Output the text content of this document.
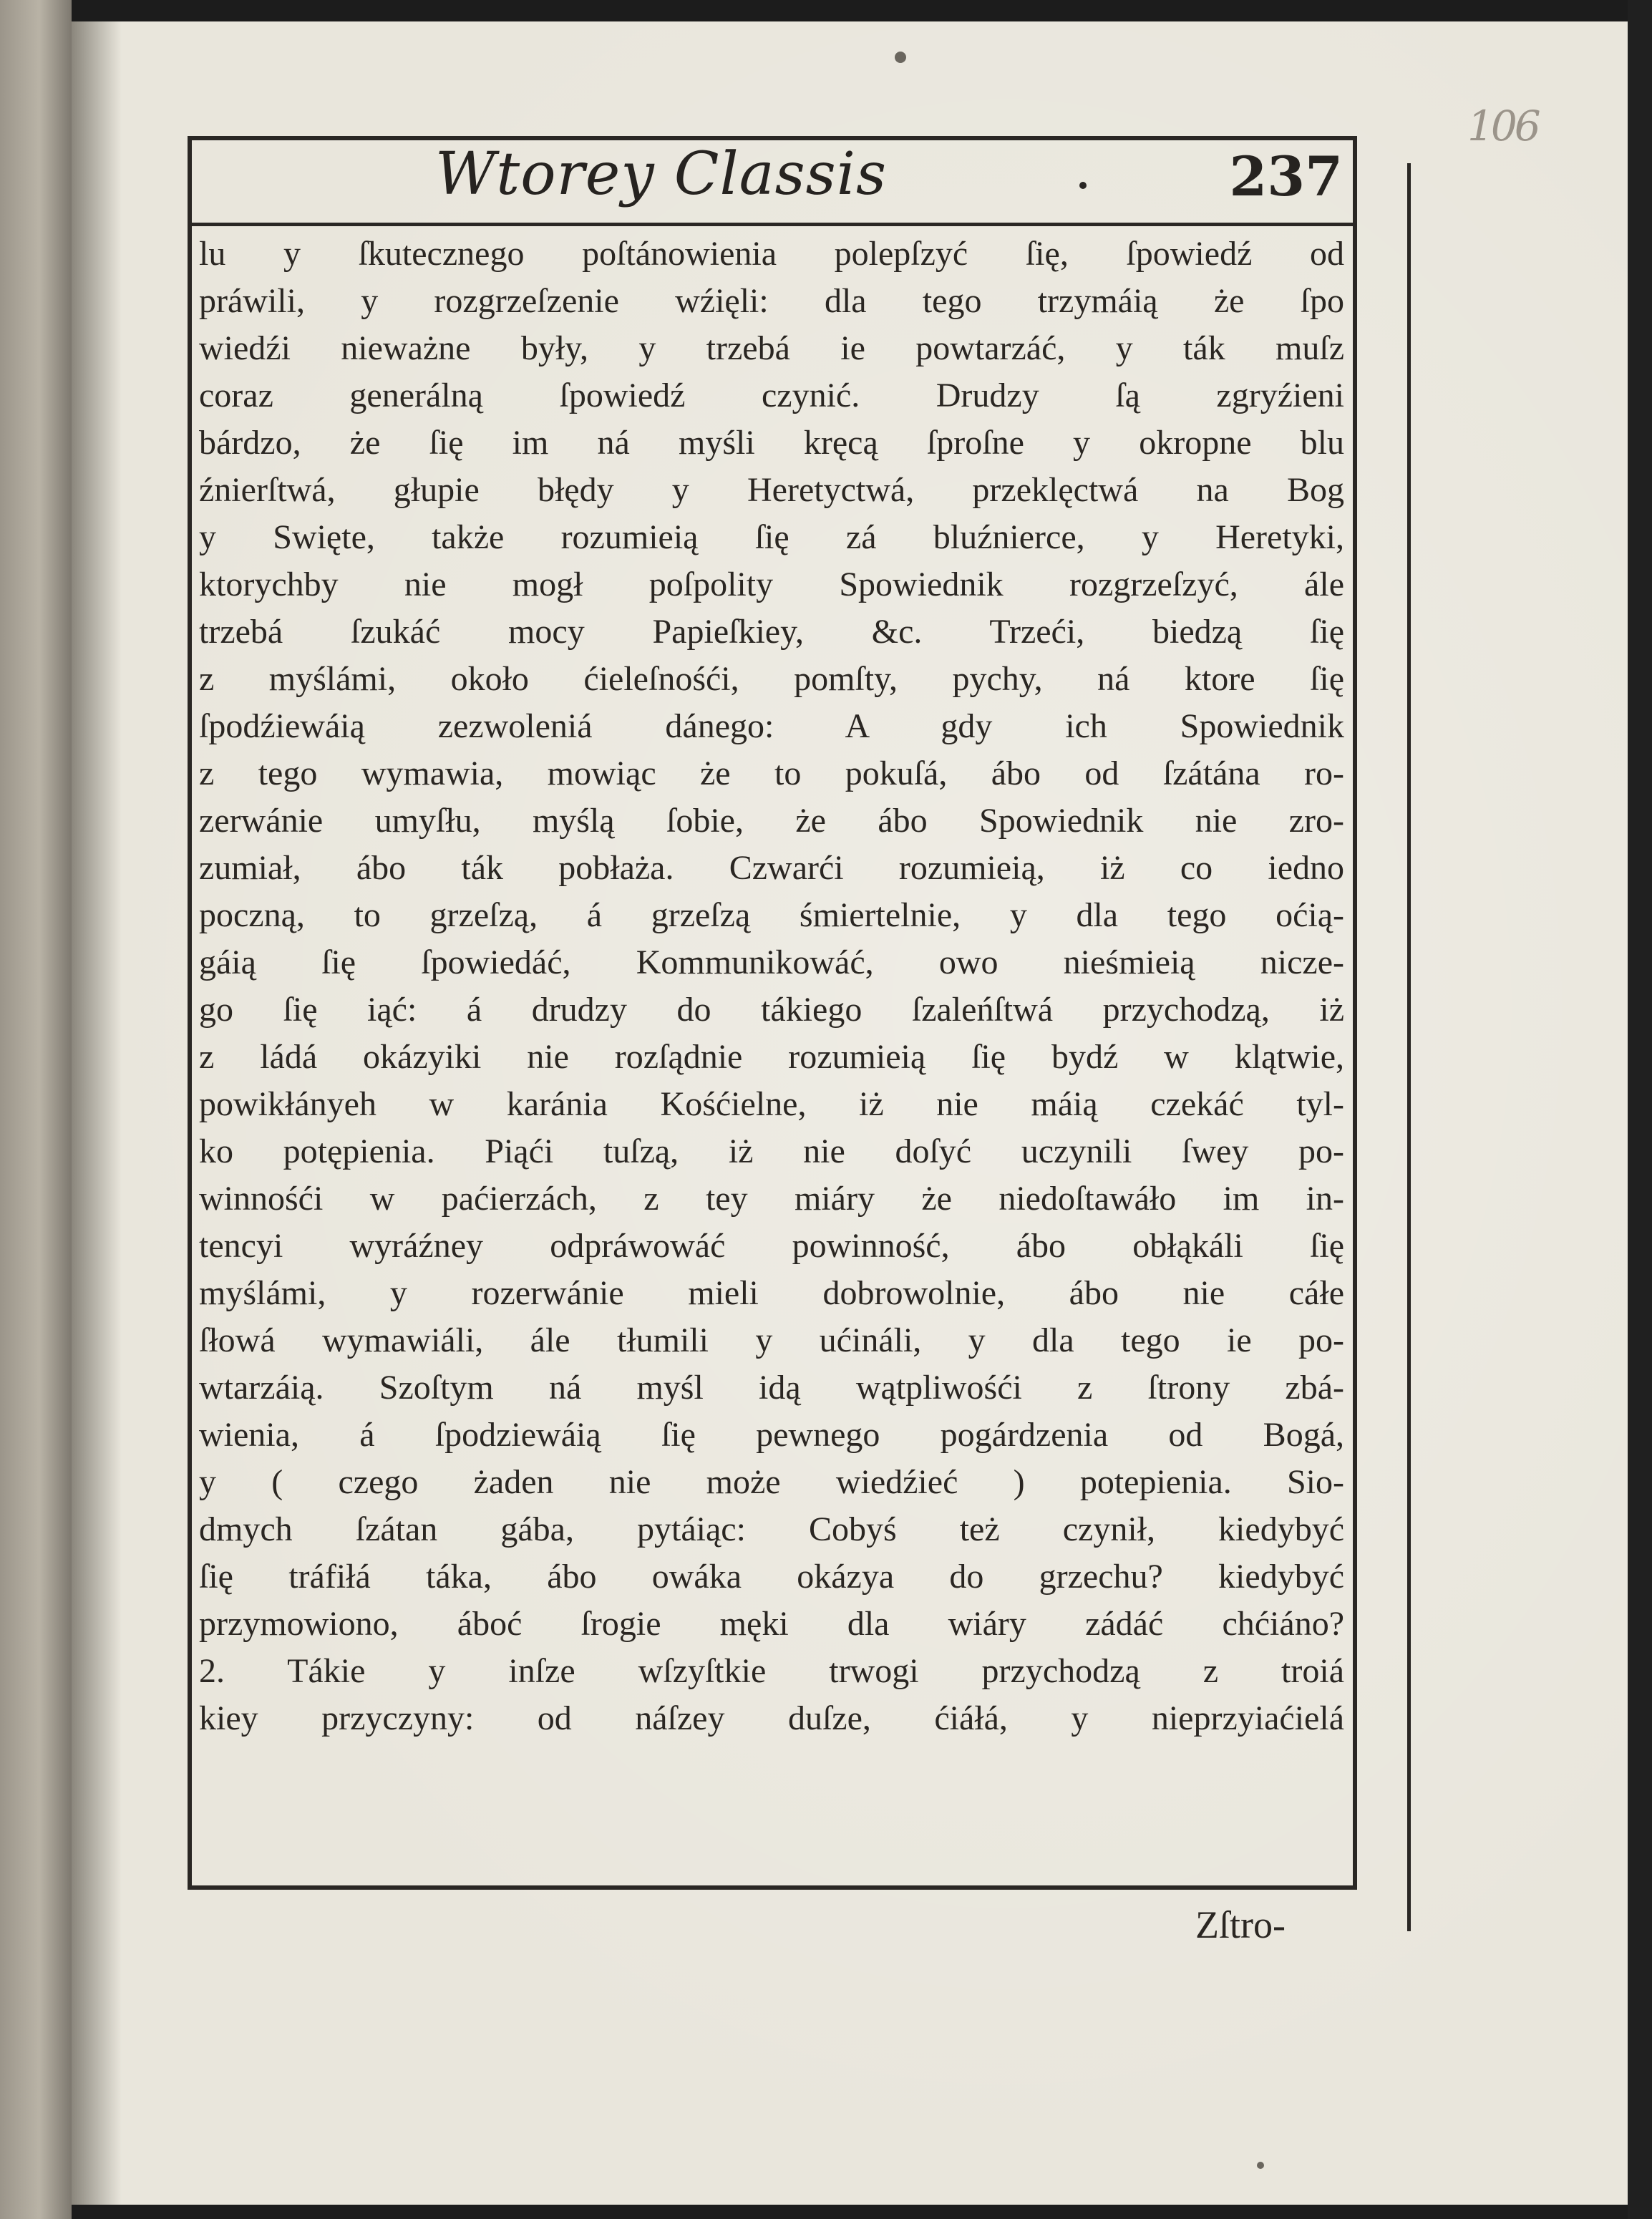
106
Wtorey Classis	237
lu y ſkutecznego poſtánowienia polepſzyć ſię, ſpowiedź od
práwili, y rozgrzeſzenie wźięli: dla tego trzymáią że ſpo
wiedźi nieważne były, y trzebá ie powtarzáć, y ták muſz
coraz generálną ſpowiedź czynić. Drudzy ſą zgryźieni
bárdzo, że ſię im ná myśli kręcą ſproſne y okropne blu
źnierſtwá, głupie błędy y Heretyctwá, przeklęctwá na Bog
y Swięte, także rozumieią ſię zá bluźnierce, y Heretyki,
ktorychby nie mogł poſpolity Spowiednik rozgrzeſzyć, ále
trzebá ſzukáć mocy Papieſkiey, &c. Trzeći, biedzą ſię
z myślámi, około ćieleſnośći, pomſty, pychy, ná ktore ſię
ſpodźiewáią zezwoleniá dánego: A gdy ich Spowiednik
z tego wymawia, mowiąc że to pokuſá, ábo od ſzátána ro-
zerwánie umyſłu, myślą ſobie, że ábo Spowiednik nie zro-
zumiał, ábo ták pobłaża. Czwarći rozumieią, iż co iedno
poczną, to grzeſzą, á grzeſzą śmiertelnie, y dla tego oćią-
gáią ſię ſpowiedáć, Kommunikowáć, owo nieśmieią nicze-
go ſię iąć: á drudzy do tákiego ſzaleńſtwá przychodzą, iż
z ládá okázyiki nie rozſądnie rozumieią ſię bydź w klątwie,
powikłányeh w karánia Kośćielne, iż nie máią czekáć tyl-
ko potępienia. Piąći tuſzą, iż nie doſyć uczynili ſwey po-
winnośći w paćierzách, z tey miáry że niedoſtawáło im in-
tencyi wyráźney odpráwowáć powinność, ábo obłąkáli ſię
myślámi, y rozerwánie mieli dobrowolnie, ábo nie cáłe
ſłowá wymawiáli, ále tłumili y ućináli, y dla tego ie po-
wtarzáią. Szoſtym ná myśl idą wątpliwośći z ſtrony zbá-
wienia, á ſpodziewáią ſię pewnego pogárdzenia od Bogá,
y ( czego żaden nie może wiedźieć ) potepienia. Sio-
dmych ſzátan gába, pytáiąc: Cobyś też czynił, kiedybyć
ſię tráfiłá táka, ábo owáka okázya do grzechu? kiedybyć
przymowiono, áboć ſrogie męki dla wiáry zádáć chćiáno?
2. Tákie y inſze wſzyſtkie trwogi przychodzą z troiá
kiey przyczyny: od náſzey duſze, ćiáłá, y nieprzyiaćielá
Zſtro-
